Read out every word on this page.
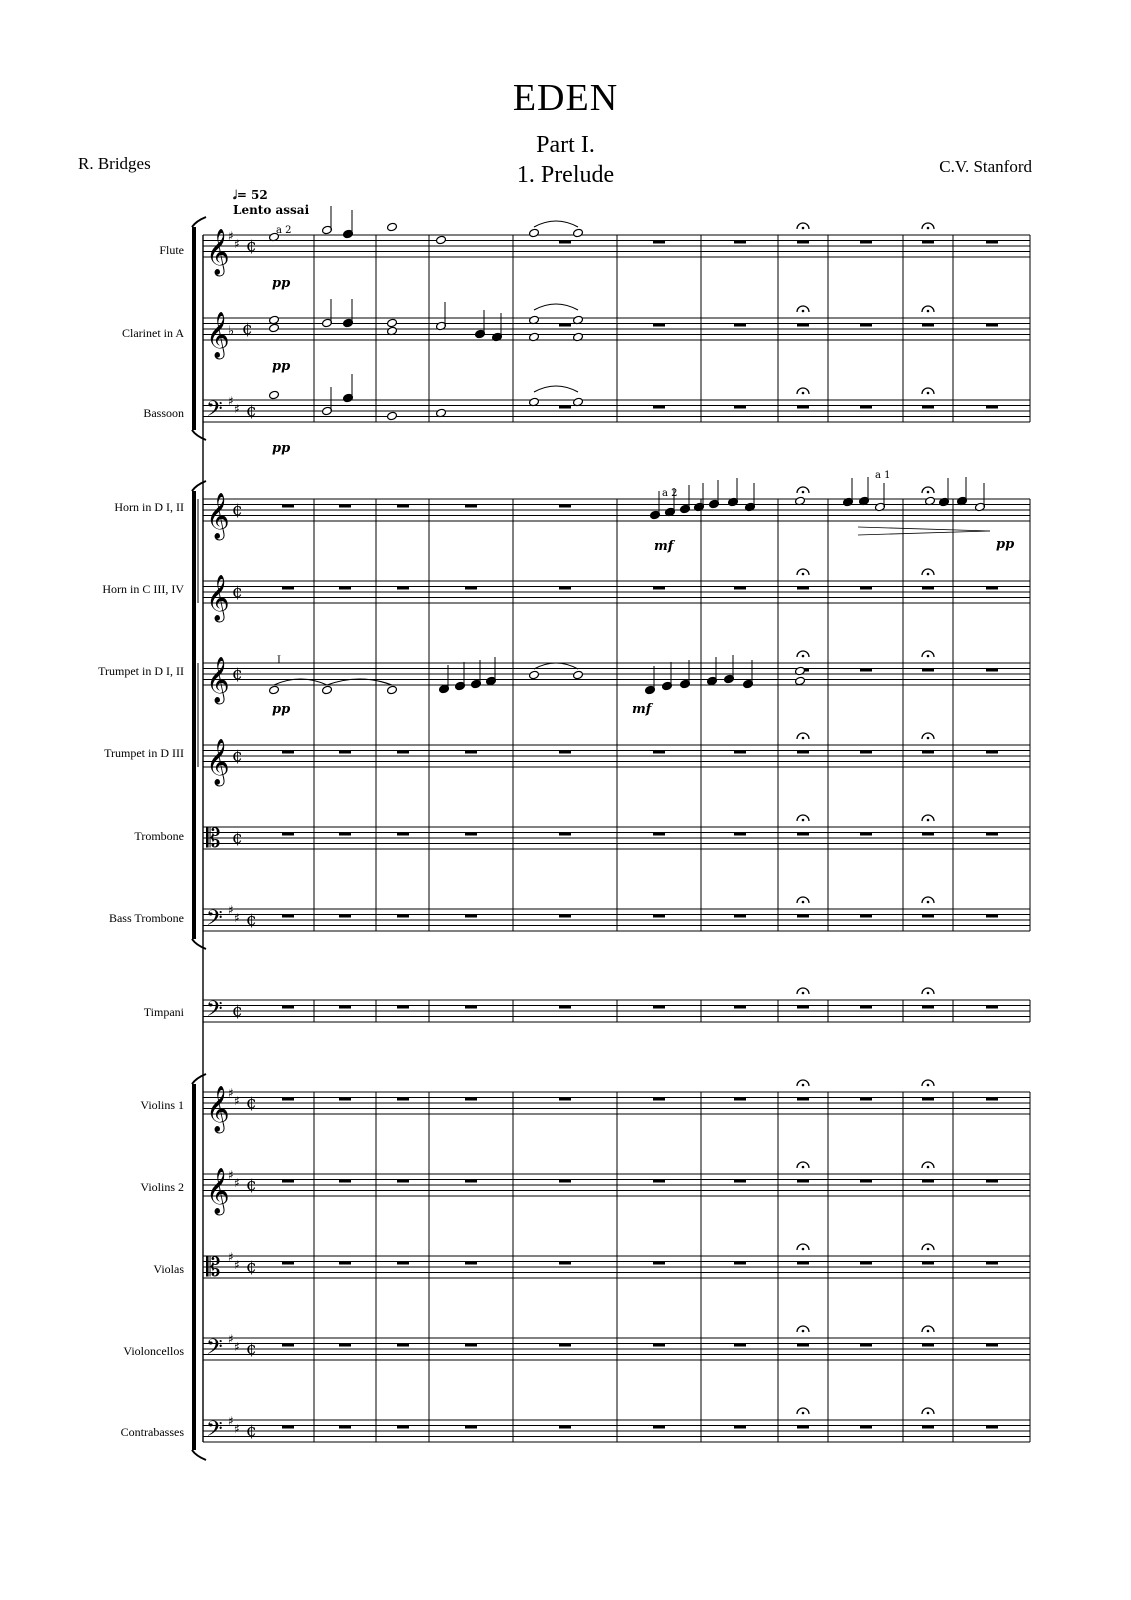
EDEN
Part I.
1. Prelude
R. Bridges	C.V. Stanford
𝅗𝅥= 52
Lento assai
Flute
Clarinet in A
Bassoon
Horn in D I, II
Horn in C III, IV
Trumpet in D I, II
Trumpet in D III
Trombone
Bass Trombone
Timpani
Violins 1
Violins 2
Violas
Violoncellos
Contrabasses
𝄞
♯
♯ ¢
𝄞
♭ ¢
𝄢 ♯
♯ ¢
𝄞 ¢
𝄞 ¢
𝄞 ¢
𝄞 ¢
𝄡 ¢
𝄢 ♯
♯ ¢
𝄢 ¢
𝄞
♯
♯ ¢
𝄞
♯
♯ ¢
𝄡 ♯
♯ ¢
𝄢 ♯
♯ ¢
𝄢 ♯
♯ ¢
a 2
a 2
a 1
I
pp
pp
pp
mf	pp
pp	mf
